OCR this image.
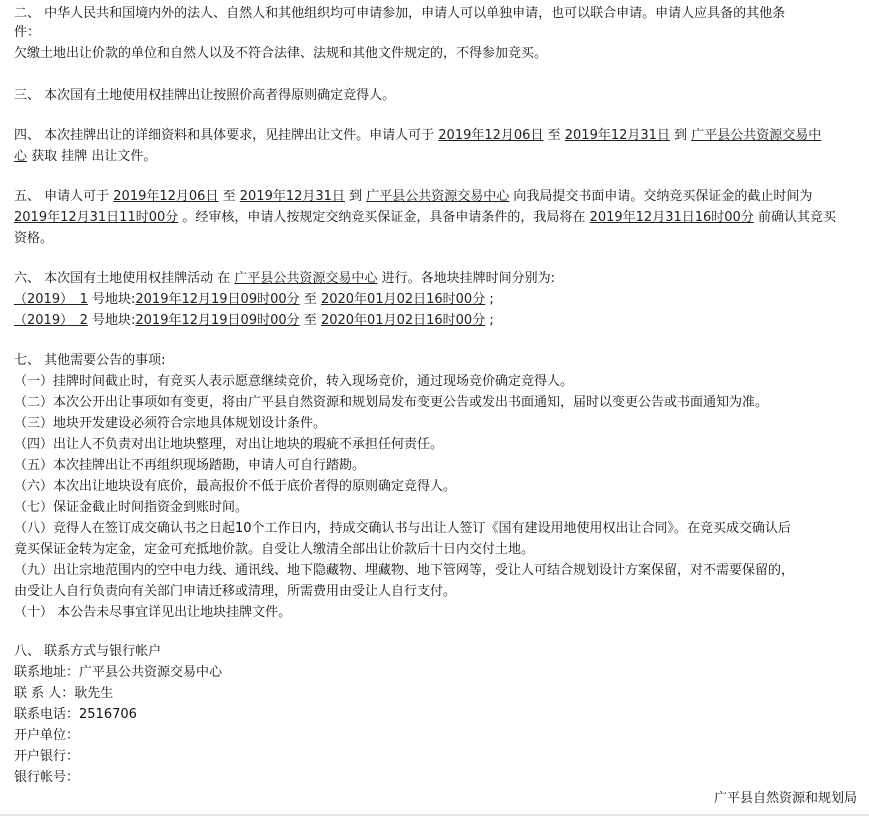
二、 中华人民共和国境内外的法人、自然人和其他组织均可申请参加，申请人可以单独申请，也可以联合申请。申请人应具备的其他条
件：
欠缴土地出让价款的单位和自然人以及不符合法律、法规和其他文件规定的，不得参加竞买。
三、 本次国有土地使用权挂牌出让按照价高者得原则确定竞得人。
四、 本次挂牌出让的详细资料和具体要求，见挂牌出让文件。申请人可于 2019年12月06日 至 2019年12月31日 到 广平县公共资源交易中
心 获取 挂牌 出让文件。
五、 申请人可于 2019年12月06日 至 2019年12月31日 到 广平县公共资源交易中心 向我局提交书面申请。交纳竞买保证金的截止时间为
2019年12月31日11时00分 。经审核，申请人按规定交纳竞买保证金，具备申请条件的，我局将在 2019年12月31日16时00分 前确认其竞买
资格。
六、 本次国有土地使用权挂牌活动 在 广平县公共资源交易中心 进行。各地块挂牌时间分别为:
（2019）　1 号地块:2019年12月19日09时00分 至 2020年01月02日16时00分 ;
（2019）　2 号地块:2019年12月19日09时00分 至 2020年01月02日16时00分 ;
七、 其他需要公告的事项:
（一）挂牌时间截止时，有竞买人表示愿意继续竞价，转入现场竞价，通过现场竞价确定竞得人。
（二）本次公开出让事项如有变更，将由广平县自然资源和规划局发布变更公告或发出书面通知，届时以变更公告或书面通知为准。
（三）地块开发建设必须符合宗地具体规划设计条件。
（四）出让人不负责对出让地块整理，对出让地块的瑕疵不承担任何责任。
（五）本次挂牌出让不再组织现场踏勘，申请人可自行踏勘。
（六）本次出让地块设有底价，最高报价不低于底价者得的原则确定竞得人。
（七）保证金截止时间指资金到账时间。
（八）竞得人在签订成交确认书之日起10个工作日内，持成交确认书与出让人签订《国有建设用地使用权出让合同》。在竞买成交确认后
竟买保证金转为定金，定金可充抵地价款。自受让人缴清全部出让价款后十日内交付土地。
（九）出让宗地范围内的空中电力线、通讯线、地下隐藏物、埋藏物、地下管网等，受让人可结合规划设计方案保留，对不需要保留的，
由受让人自行负责向有关部门申请迁移或清理，所需费用由受让人自行支付。
（十） 本公告未尽事宜详见出让地块挂牌文件。
八、 联系方式与银行帐户
联系地址：广平县公共资源交易中心
联 系 人：耿先生
联系电话：2516706
开户单位：
开户银行：
银行帐号：
广平县自然资源和规划局
